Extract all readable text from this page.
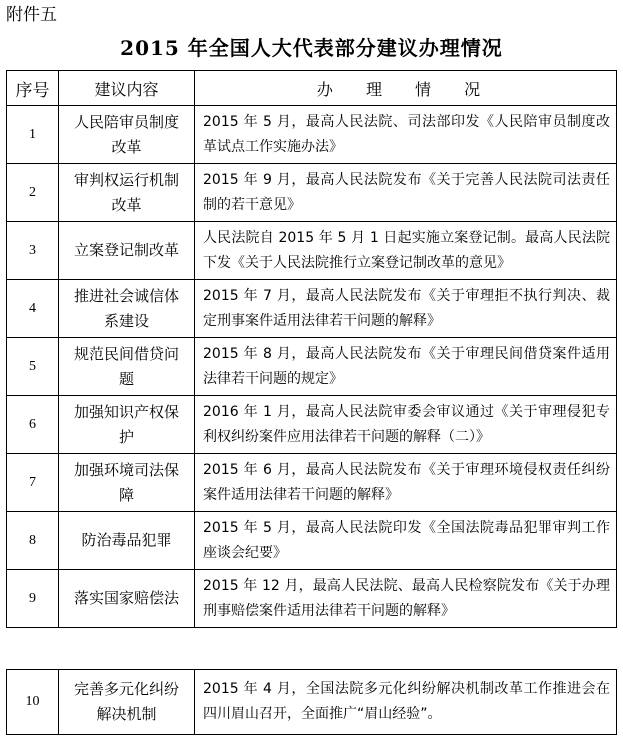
附件五
2015 年全国人大代表部分建议办理情况
序号	建议内容	办 理 情 况
1	人民陪审员制度改革	2015 年 5 月，最高人民法院、司法部印发《人民陪审员制度改革试点工作实施办法》
2	审判权运行机制改革	2015 年 9 月，最高人民法院发布《关于完善人民法院司法责任制的若干意见》
3	立案登记制改革	人民法院自 2015 年 5 月 1 日起实施立案登记制。最高人民法院下发《关于人民法院推行立案登记制改革的意见》
4	推进社会诚信体系建设	2015 年 7 月，最高人民法院发布《关于审理拒不执行判决、裁定刑事案件适用法律若干问题的解释》
5	规范民间借贷问题	2015 年 8 月，最高人民法院发布《关于审理民间借贷案件适用法律若干问题的规定》
6	加强知识产权保护	2016 年 1 月，最高人民法院审委会审议通过《关于审理侵犯专利权纠纷案件应用法律若干问题的解释（二）》
7	加强环境司法保障	2015 年 6 月，最高人民法院发布《关于审理环境侵权责任纠纷案件适用法律若干问题的解释》
8	防治毒品犯罪	2015 年 5 月，最高人民法院印发《全国法院毒品犯罪审判工作座谈会纪要》
9	落实国家赔偿法	2015 年 12 月，最高人民法院、最高人民检察院发布《关于办理刑事赔偿案件适用法律若干问题的解释》
10	完善多元化纠纷解决机制	2015 年 4 月，全国法院多元化纠纷解决机制改革工作推进会在四川眉山召开，全面推广“眉山经验”。
